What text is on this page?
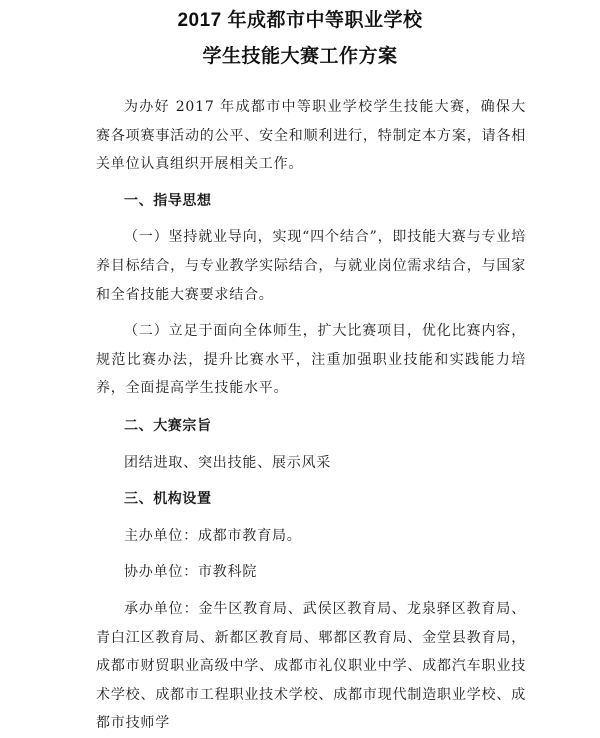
2017 年成都市中等职业学校
学生技能大赛工作方案

为办好 2017 年成都市中等职业学校学生技能大赛，确保大赛各项赛事活动的公平、安全和顺利进行，特制定本方案，请各相关单位认真组织开展相关工作。

一、指导思想

（一）坚持就业导向，实现“四个结合”，即技能大赛与专业培养目标结合，与专业教学实际结合，与就业岗位需求结合，与国家和全省技能大赛要求结合。

（二）立足于面向全体师生，扩大比赛项目，优化比赛内容，规范比赛办法，提升比赛水平，注重加强职业技能和实践能力培养，全面提高学生技能水平。

二、大赛宗旨

团结进取、突出技能、展示风采

三、机构设置

主办单位：成都市教育局。

协办单位：市教科院

承办单位：金牛区教育局、武侯区教育局、龙泉驿区教育局、青白江区教育局、新都区教育局、郫都区教育局、金堂县教育局，成都市财贸职业高级中学、成都市礼仪职业中学、成都汽车职业技术学校、成都市工程职业技术学校、成都市现代制造职业学校、成都市技师学
